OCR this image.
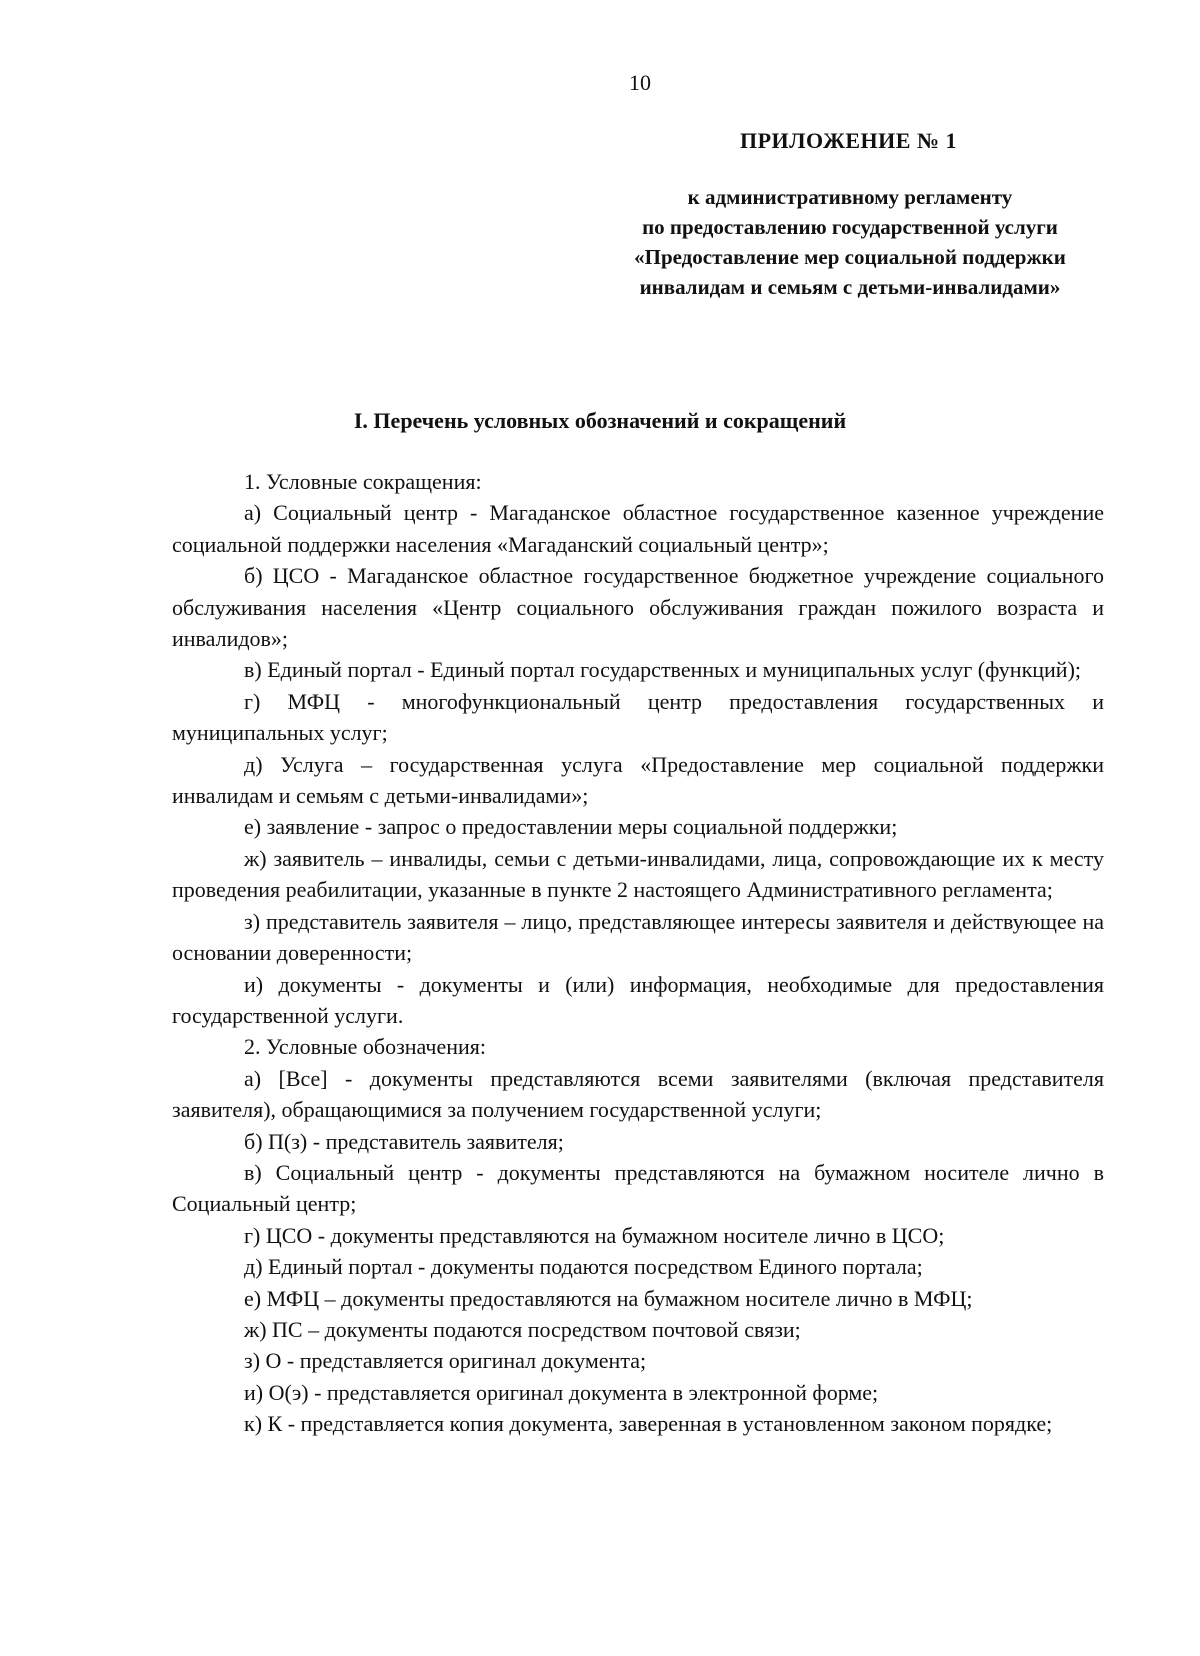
10
ПРИЛОЖЕНИЕ № 1
к административному регламенту
по предоставлению государственной услуги
«Предоставление мер социальной поддержки
инвалидам и семьям с детьми-инвалидами»
I. Перечень условных обозначений и сокращений

1. Условные сокращения:

а) Социальный центр - Магаданское областное государственное казенное учреждение социальной поддержки населения «Магаданский социальный центр»;

б) ЦСО - Магаданское областное государственное бюджетное учреждение социального обслуживания населения «Центр социального обслуживания граждан пожилого возраста и инвалидов»;

в) Единый портал - Единый портал государственных и муниципальных услуг (функций);

г) МФЦ - многофункциональный центр предоставления государственных и муниципальных услуг;

д) Услуга – государственная услуга «Предоставление мер социальной поддержки инвалидам и семьям с детьми-инвалидами»;

е) заявление - запрос о предоставлении меры социальной поддержки;

ж) заявитель – инвалиды, семьи с детьми-инвалидами, лица, сопровождающие их к месту проведения реабилитации, указанные в пункте 2 настоящего Административного регламента;

з) представитель заявителя – лицо, представляющее интересы заявителя и действующее на основании доверенности;

и) документы - документы и (или) информация, необходимые для предоставления государственной услуги.

2. Условные обозначения:

а) [Все] - документы представляются всеми заявителями (включая представителя заявителя), обращающимися за получением государственной услуги;

б) П(з) - представитель заявителя;

в) Социальный центр - документы представляются на бумажном носителе лично в Социальный центр;

г) ЦСО - документы представляются на бумажном носителе лично в ЦСО;

д) Единый портал - документы подаются посредством Единого портала;

е) МФЦ – документы предоставляются на бумажном носителе лично в МФЦ;

ж) ПС – документы подаются посредством почтовой связи;

з) О - представляется оригинал документа;

и) О(э) - представляется оригинал документа в электронной форме;

к) К - представляется копия документа, заверенная в установленном законом порядке;
